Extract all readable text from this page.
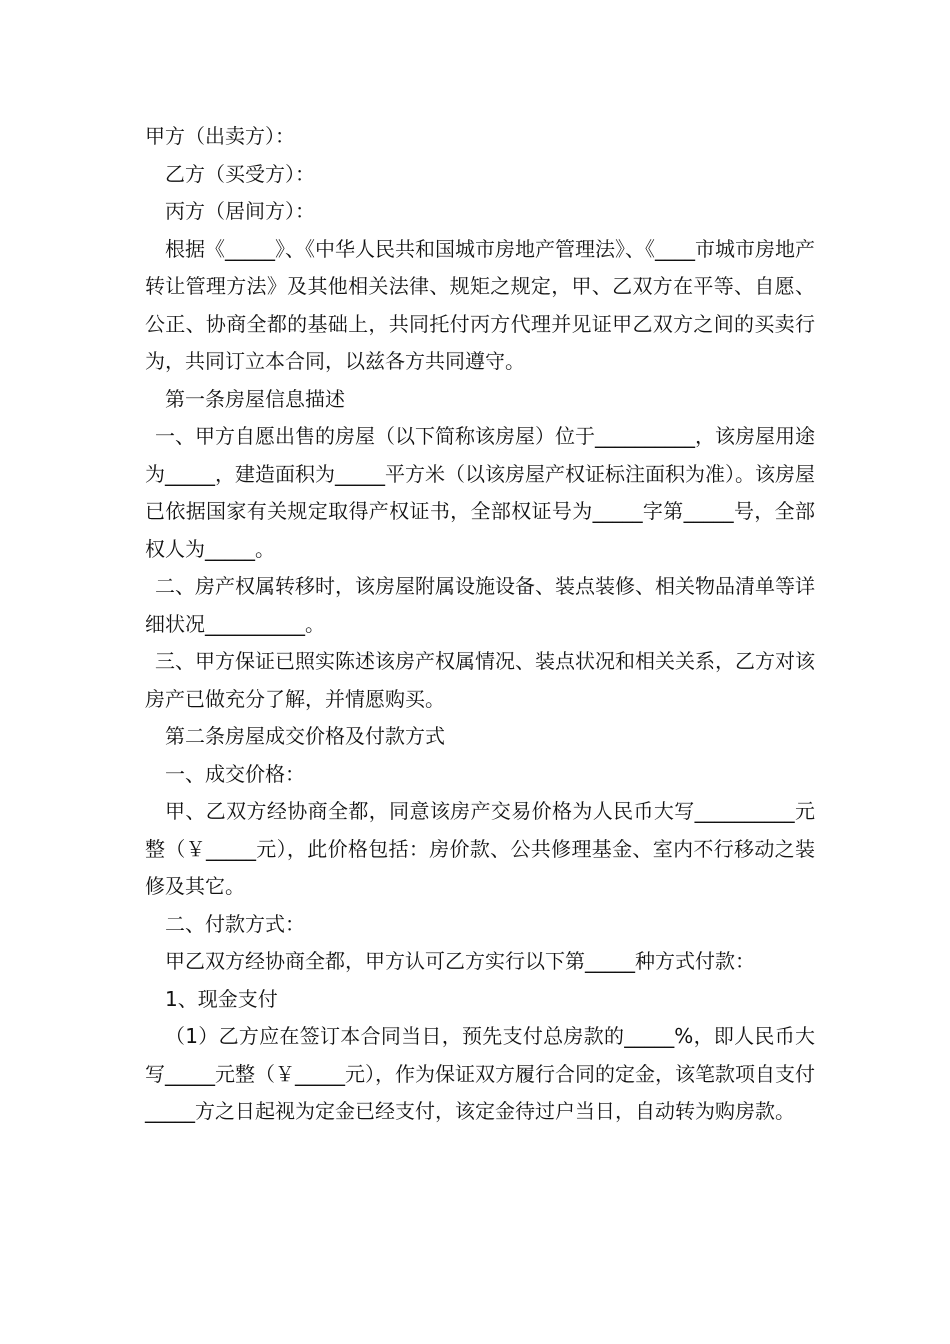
甲方（出卖方）：

乙方（买受方）：

丙方（居间方）：

根据《_____》、《中华人民共和国城市房地产管理法》、《____市城市房地产转让管理方法》及其他相关法律、规矩之规定，甲、乙双方在平等、自愿、公正、协商全都的基础上，共同托付丙方代理并见证甲乙双方之间的买卖行为，共同订立本合同，以兹各方共同遵守。

第一条房屋信息描述

一、甲方自愿出售的房屋（以下简称该房屋）位于__________，该房屋用途为_____，建造面积为_____平方米（以该房屋产权证标注面积为准）。该房屋已依据国家有关规定取得产权证书，全部权证号为_____字第_____号，全部权人为_____。

二、房产权属转移时，该房屋附属设施设备、装点装修、相关物品清单等详细状况__________。

三、甲方保证已照实陈述该房产权属情况、装点状况和相关关系，乙方对该房产已做充分了解，并情愿购买。

第二条房屋成交价格及付款方式

一、成交价格：

甲、乙双方经协商全都，同意该房产交易价格为人民币大写__________元整（￥_____元），此价格包括：房价款、公共修理基金、室内不行移动之装修及其它。

二、付款方式：

甲乙双方经协商全都，甲方认可乙方实行以下第_____种方式付款：

1、现金支付

（1）乙方应在签订本合同当日，预先支付总房款的_____%，即人民币大写_____元整（￥_____元），作为保证双方履行合同的定金，该笔款项自支付_____方之日起视为定金已经支付，该定金待过户当日，自动转为购房款。
